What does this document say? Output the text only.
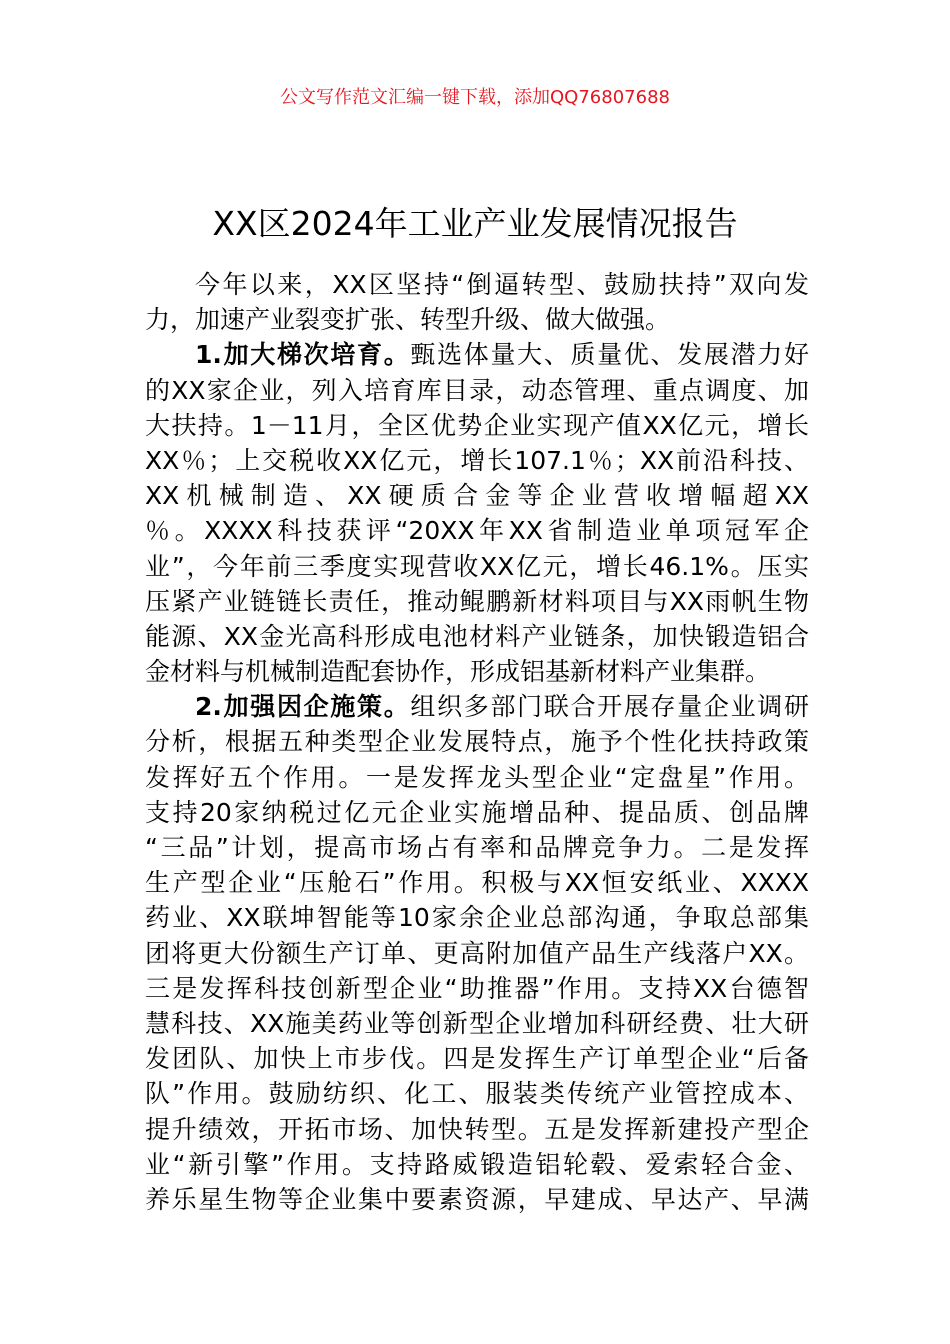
公文写作范文汇编一键下载，添加QQ76807688
XX区2024年工业产业发展情况报告
今年以来，XX区坚持“倒逼转型、鼓励扶持”双向发
力，加速产业裂变扩张、转型升级、做大做强。
1.加大梯次培育。甄选体量大、质量优、发展潜力好
的XX家企业，列入培育库目录，动态管理、重点调度、加
大扶持。1－11月，全区优势企业实现产值XX亿元，增长
XX％；上交税收XX亿元，增长107.1％；XX前沿科技、
XX机械制造、XX硬质合金等企业营收增幅超XX
％。XXXX科技获评“20XX年XX省制造业单项冠军企
业”，今年前三季度实现营收XX亿元，增长46.1%。压实
压紧产业链链长责任，推动鲲鹏新材料项目与XX雨帆生物
能源、XX金光高科形成电池材料产业链条，加快锻造铝合
金材料与机械制造配套协作，形成铝基新材料产业集群。
2.加强因企施策。组织多部门联合开展存量企业调研
分析，根据五种类型企业发展特点，施予个性化扶持政策
发挥好五个作用。一是发挥龙头型企业“定盘星”作用。
支持20家纳税过亿元企业实施增品种、提品质、创品牌
“三品”计划，提高市场占有率和品牌竞争力。二是发挥
生产型企业“压舱石”作用。积极与XX恒安纸业、XXXX
药业、XX联坤智能等10家余企业总部沟通，争取总部集
团将更大份额生产订单、更高附加值产品生产线落户XX。
三是发挥科技创新型企业“助推器”作用。支持XX台德智
慧科技、XX施美药业等创新型企业增加科研经费、壮大研
发团队、加快上市步伐。四是发挥生产订单型企业“后备
队”作用。鼓励纺织、化工、服装类传统产业管控成本、
提升绩效，开拓市场、加快转型。五是发挥新建投产型企
业“新引擎”作用。支持路威锻造铝轮毂、爱索轻合金、
养乐星生物等企业集中要素资源，早建成、早达产、早满
